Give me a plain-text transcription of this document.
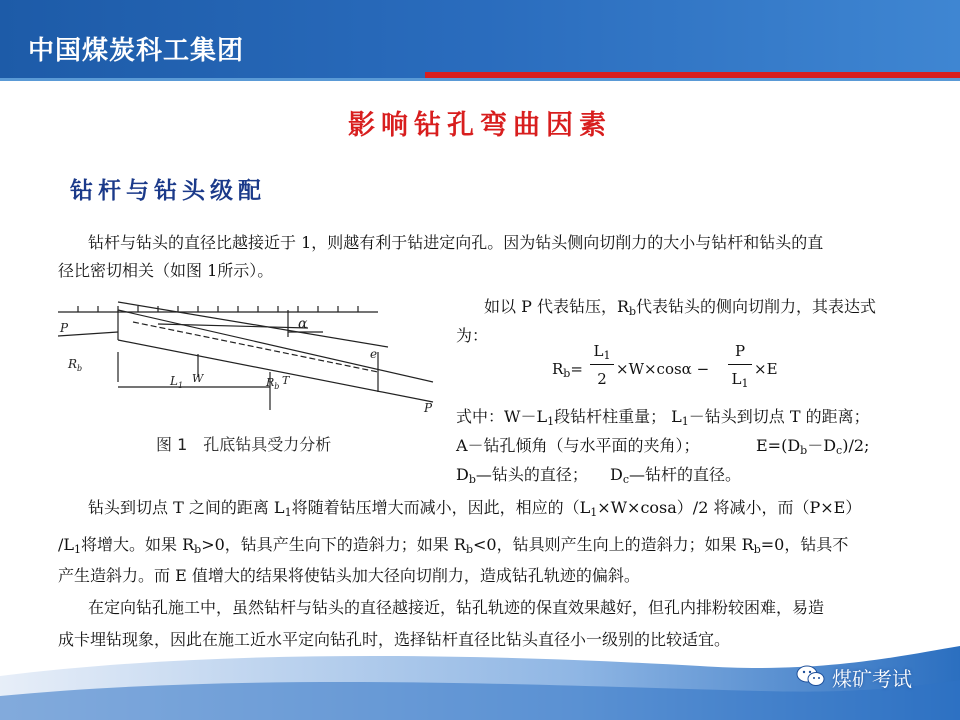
中国煤炭科工集团
影响钻孔弯曲因素
钻杆与钻头级配
钻杆与钻头的直径比越接近于 1，则越有利于钻进定向孔。因为钻头侧向切削力的大小与钻杆和钻头的直
径比密切相关（如图 1所示）。
P	α
$R_b$
W
$L_1$	$R_b$ T
e
P
图 1　孔底钻具受力分析
如以 P 代表钻压，$R_b$代表钻头的侧向切削力，其表达式
为：
$R_b=$
$L_1$
2
×W×cosα −
P
$L_1$
×E
式中：$W-L_1$段钻杆柱重量； $L_1-$钻头到切点 T 的距离；
A－钻孔倾角（与水平面的夹角）；	$E=(D_b-D_c)/2$;
$D_b—$钻头的直径； $D_c—$钻杆的直径。
钻头到切点 T 之间的距离 $L_1$将随着钻压增大而减小，因此，相应的$(L_1\times W\times\cos a)/2$ 将减小，而（P×E）
$/L_1$将增大。如果 $R_b>0$，钻具产生向下的造斜力；如果 $R_b<0$，钻具则产生向上的造斜力；如果 $R_b=0$，钻具不
产生造斜力。而 E 值增大的结果将使钻头加大径向切削力，造成钻孔轨迹的偏斜。
在定向钻孔施工中，虽然钻杆与钻头的直径越接近，钻孔轨迹的保直效果越好，但孔内排粉较困难，易造
成卡埋钻现象，因此在施工近水平定向钻孔时，选择钻杆直径比钻头直径小一级别的比较适宜。
煤矿考试
